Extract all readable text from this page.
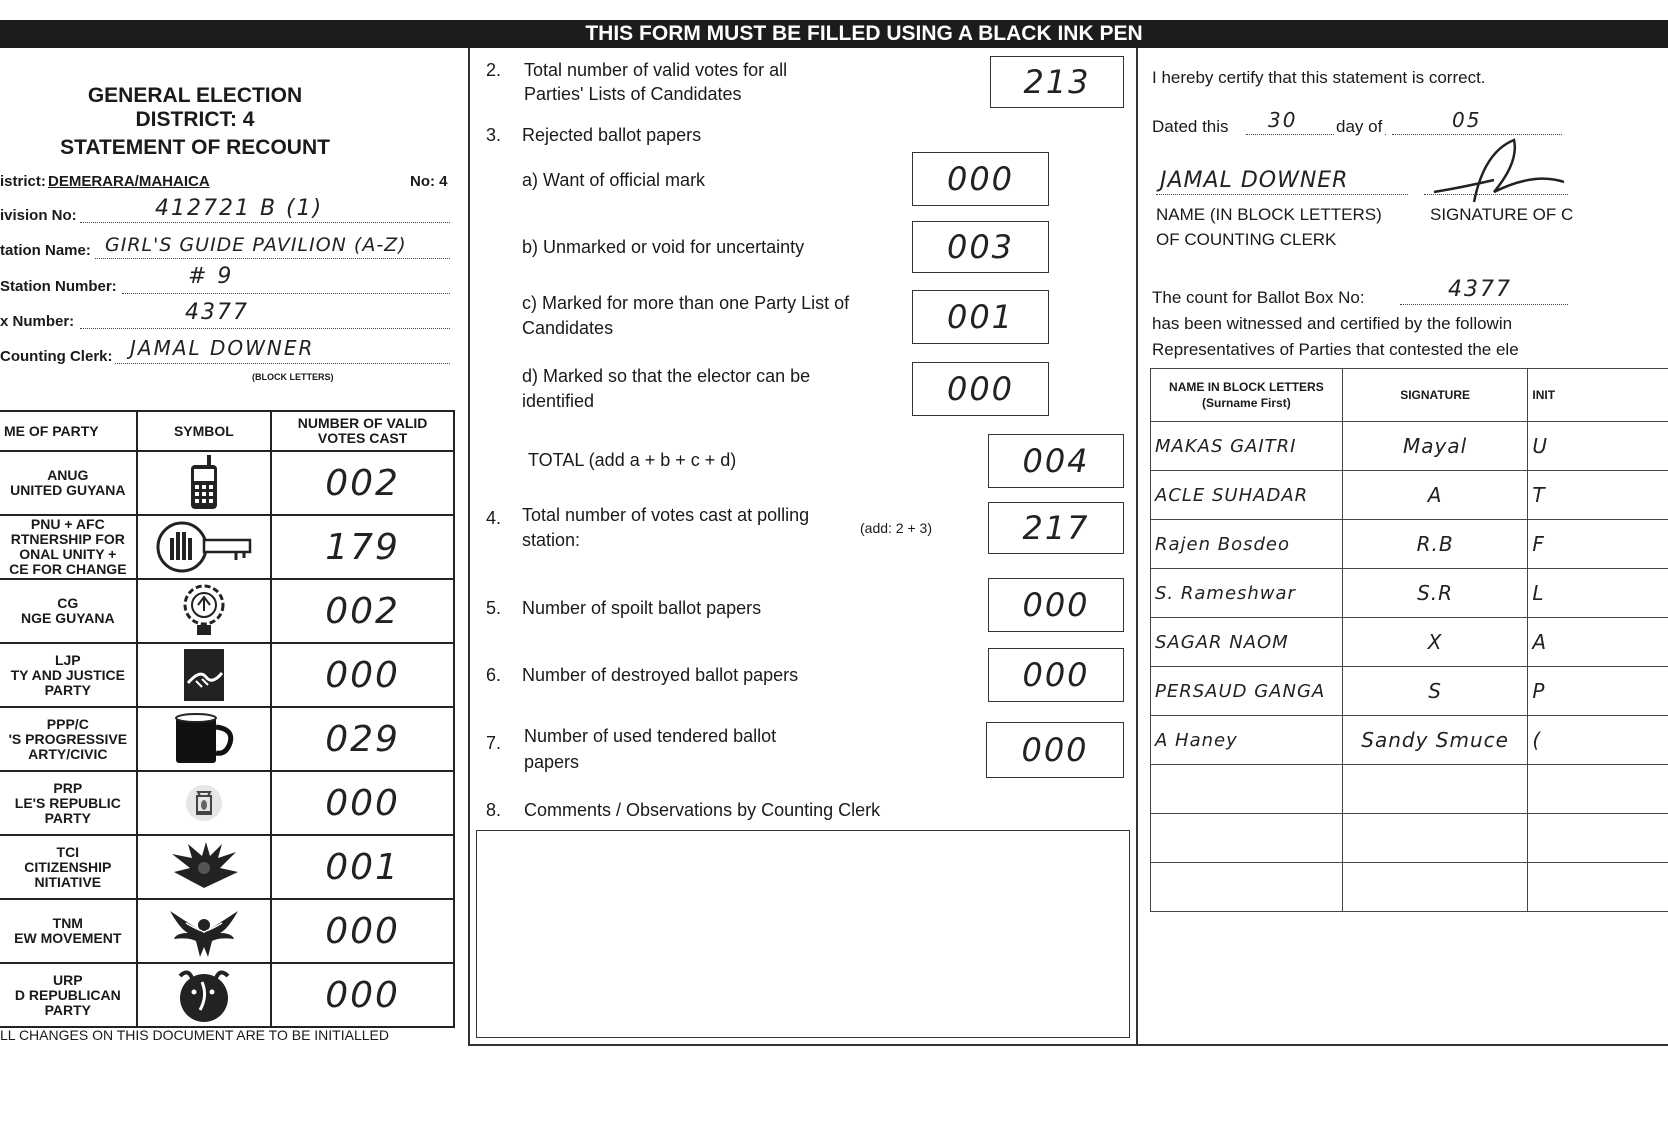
THIS FORM MUST BE FILLED USING A BLACK INK PEN
GENERAL ELECTION
DISTRICT: 4
STATEMENT OF RECOUNT
istrict: DEMERARA/MAHAICA	No: 4
ivision No:	412721 B (1)
tation Name: GIRL'S GUIDE PAVILION (A-Z)
Station Number:	# 9
x Number:	4377
Counting Clerk: JAMAL DOWNER
(BLOCK LETTERS)
ME OF PARTY	SYMBOL	NUMBER OF VALID VOTES CAST
ANUG
UNITED GUYANA		002
PNU + AFC
RTNERSHIP FOR
ONAL UNITY +
CE FOR CHANGE		179
CG
NGE GUYANA		002
LJP
TY AND JUSTICE
PARTY		000
PPP/C
'S PROGRESSIVE
ARTY/CIVIC		029
PRP
LE'S REPUBLIC
PARTY		000
TCI
CITIZENSHIP
NITIATIVE		001
TNM
EW MOVEMENT		000
URP
D REPUBLICAN
PARTY		000
LL CHANGES ON THIS DOCUMENT ARE TO BE INITIALLED
2. Total number of valid votes for all
Parties' Lists of Candidates	213
3. Rejected ballot papers
a) Want of official mark	000
b) Unmarked or void for uncertainty	003
c) Marked for more than one Party List of
Candidates	001
d) Marked so that the elector can be
identified	000
TOTAL (add a + b + c + d)	004
4. Total number of votes cast at polling
station:
(add: 2 + 3)	217
5. Number of spoilt ballot papers	000
6. Number of destroyed ballot papers	000
7. Number of used tendered ballot
papers	000
8. Comments / Observations by Counting Clerk
I hereby certify that this statement is correct.
Dated this 30 day of	05
JAMAL DOWNER
NAME (IN BLOCK LETTERS)
OF COUNTING CLERK
SIGNATURE OF C
The count for Ballot Box No:	4377
has been witnessed and certified by the followin
Representatives of Parties that contested the ele
NAME IN BLOCK LETTERS
(Surname First)	SIGNATURE	INIT
MAKAS GAITRI	Mayal	U
ACLE SUHADAR	A	T
Rajen Bosdeo	R.B	F
S. Rameshwar	S.R	L
SAGAR NAOM	X	A
PERSAUD GANGA	S	P
A Haney	Sandy Smuce	(
